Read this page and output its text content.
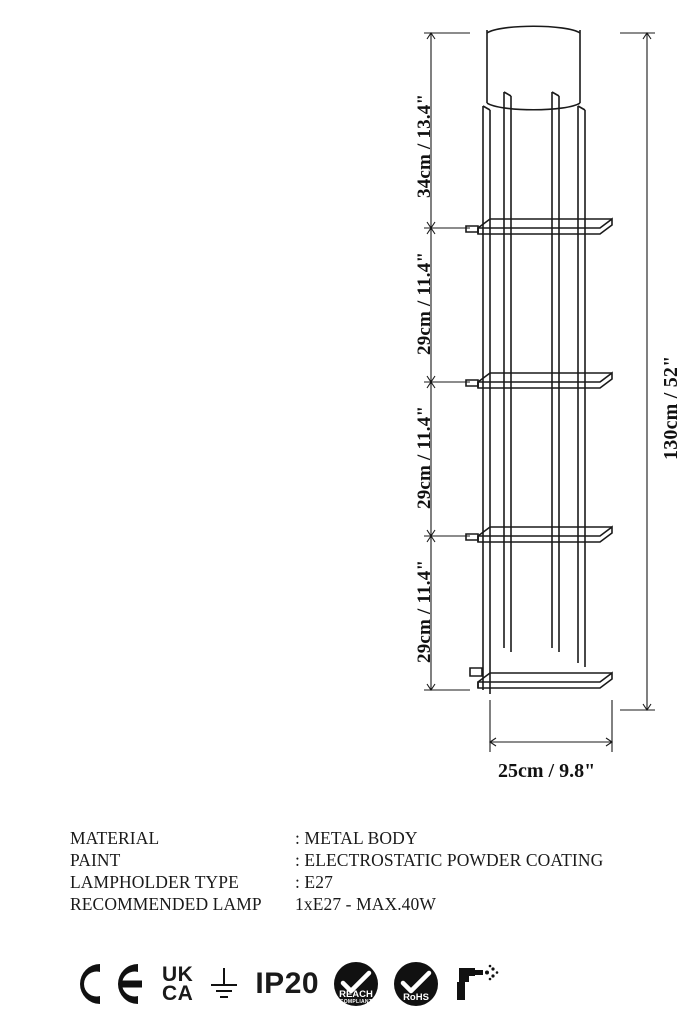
34cm / 13.4"
29cm / 11.4"
29cm / 11.4"
29cm / 11.4"
130cm / 52"
25cm / 9.8"
MATERIAL	: METAL BODY
PAINT	: ELECTROSTATIC POWDER COATING
LAMPHOLDER TYPE	: E27
RECOMMENDED LAMP	1xE27 - MAX.40W
UK
CA IP20 REACH
COMPLIANT	RoHS
